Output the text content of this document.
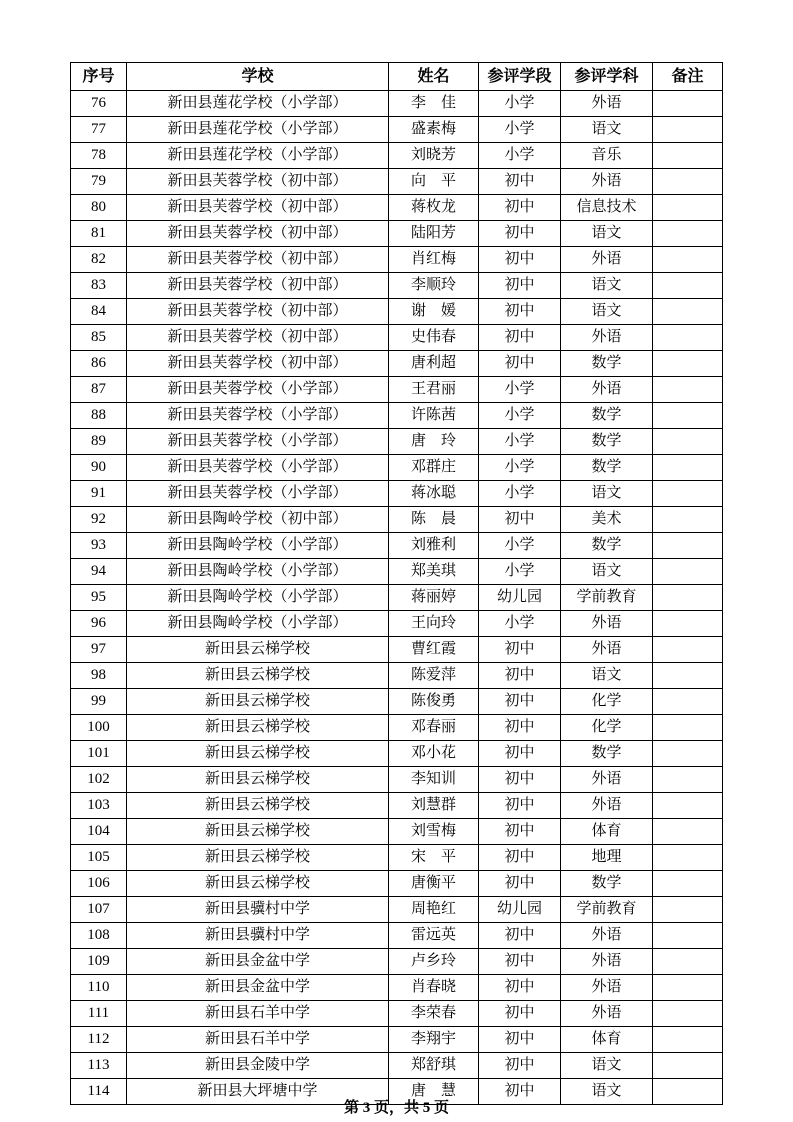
序号	学校	姓名	参评学段	参评学科	备注
76	新田县莲花学校（小学部）	李　佳	小学	外语	
77	新田县莲花学校（小学部）	盛素梅	小学	语文	
78	新田县莲花学校（小学部）	刘晓芳	小学	音乐	
79	新田县芙蓉学校（初中部）	向　平	初中	外语	
80	新田县芙蓉学校（初中部）	蒋枚龙	初中	信息技术	
81	新田县芙蓉学校（初中部）	陆阳芳	初中	语文	
82	新田县芙蓉学校（初中部）	肖红梅	初中	外语	
83	新田县芙蓉学校（初中部）	李顺玲	初中	语文	
84	新田县芙蓉学校（初中部）	谢　媛	初中	语文	
85	新田县芙蓉学校（初中部）	史伟春	初中	外语	
86	新田县芙蓉学校（初中部）	唐利超	初中	数学	
87	新田县芙蓉学校（小学部）	王君丽	小学	外语	
88	新田县芙蓉学校（小学部）	许陈茜	小学	数学	
89	新田县芙蓉学校（小学部）	唐　玲	小学	数学	
90	新田县芙蓉学校（小学部）	邓群庄	小学	数学	
91	新田县芙蓉学校（小学部）	蒋冰聪	小学	语文	
92	新田县陶岭学校（初中部）	陈　晨	初中	美术	
93	新田县陶岭学校（小学部）	刘雅利	小学	数学	
94	新田县陶岭学校（小学部）	郑美琪	小学	语文	
95	新田县陶岭学校（小学部）	蒋丽婷	幼儿园	学前教育	
96	新田县陶岭学校（小学部）	王向玲	小学	外语	
97	新田县云梯学校	曹红霞	初中	外语	
98	新田县云梯学校	陈爱萍	初中	语文	
99	新田县云梯学校	陈俊勇	初中	化学	
100	新田县云梯学校	邓春丽	初中	化学	
101	新田县云梯学校	邓小花	初中	数学	
102	新田县云梯学校	李知训	初中	外语	
103	新田县云梯学校	刘慧群	初中	外语	
104	新田县云梯学校	刘雪梅	初中	体育	
105	新田县云梯学校	宋　平	初中	地理	
106	新田县云梯学校	唐衡平	初中	数学	
107	新田县骥村中学	周艳红	幼儿园	学前教育	
108	新田县骥村中学	雷远英	初中	外语	
109	新田县金盆中学	卢乡玲	初中	外语	
110	新田县金盆中学	肖春晓	初中	外语	
111	新田县石羊中学	李荣春	初中	外语	
112	新田县石羊中学	李翔宇	初中	体育	
113	新田县金陵中学	郑舒琪	初中	语文	
114	新田县大坪塘中学	唐　慧	初中	语文	
第 3 页，共 5 页
